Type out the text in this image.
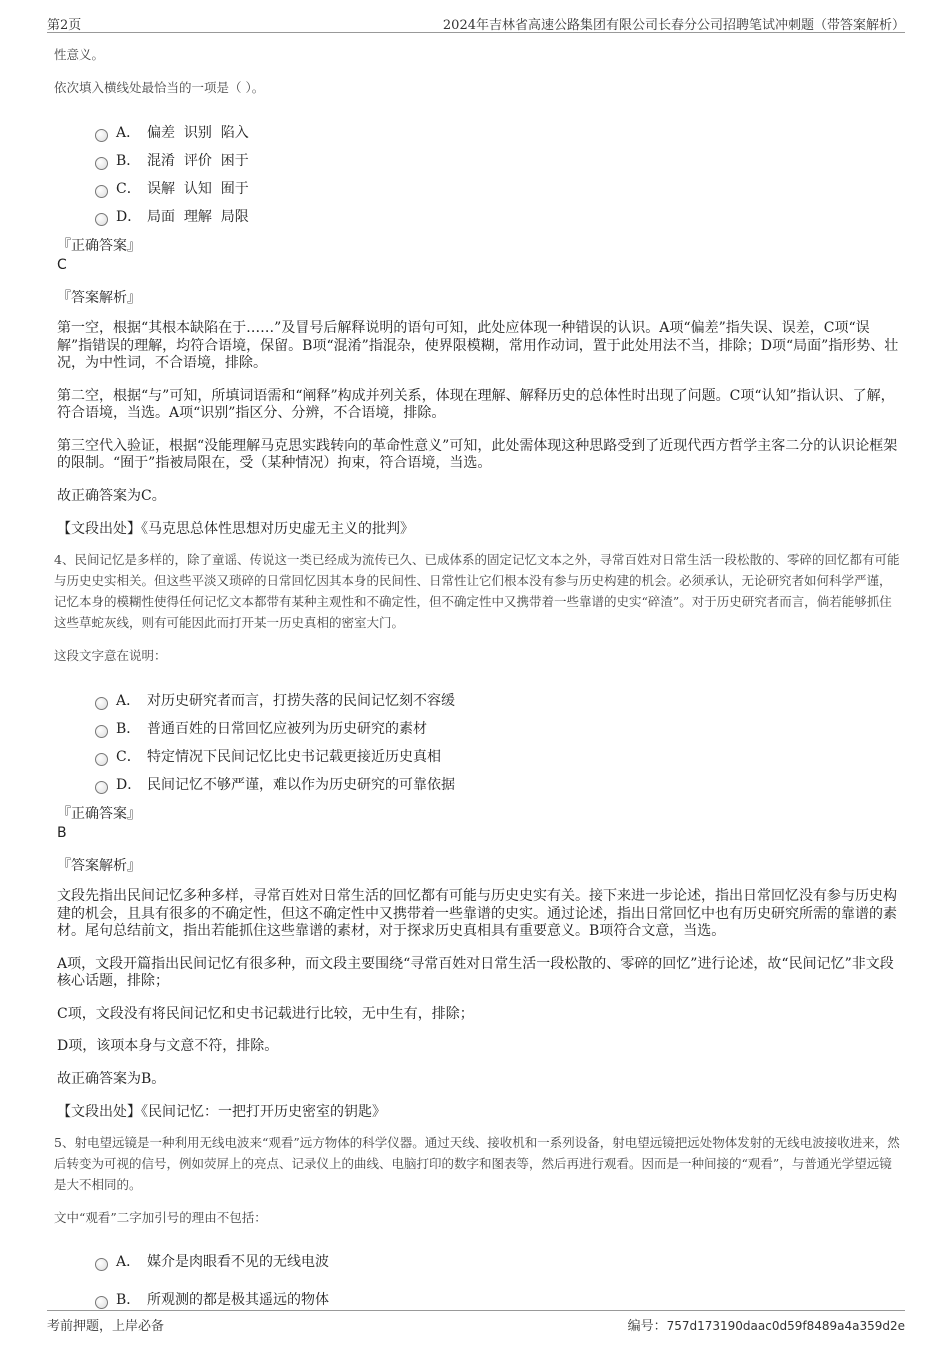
第2页	2024年吉林省高速公路集团有限公司长春分公司招聘笔试冲刺题（带答案解析）

性意义。

依次填入横线处最恰当的一项是（ ）。

A． 偏差  识别  陷入
B． 混淆  评价  困于
C． 误解  认知  囿于
D． 局面  理解  局限

『正确答案』

C

『答案解析』

第一空，根据“其根本缺陷在于……”及冒号后解释说明的语句可知，此处应体现一种错误的认识。A项“偏差”指失误、误差，C项“误解”指错误的理解，均符合语境，保留。B项“混淆”指混杂，使界限模糊，常用作动词，置于此处用法不当，排除；D项“局面”指形势、壮况，为中性词，不合语境，排除。

第二空，根据“与”可知，所填词语需和“阐释”构成并列关系，体现在理解、解释历史的总体性时出现了问题。C项“认知”指认识、了解，符合语境，当选。A项“识别”指区分、分辨，不合语境，排除。

第三空代入验证，根据“没能理解马克思实践转向的革命性意义”可知，此处需体现这种思路受到了近现代西方哲学主客二分的认识论框架的限制。“囿于”指被局限在，受（某种情况）拘束，符合语境，当选。

故正确答案为C。

【文段出处】《马克思总体性思想对历史虚无主义的批判》

4、民间记忆是多样的，除了童谣、传说这一类已经成为流传已久、已成体系的固定记忆文本之外，寻常百姓对日常生活一段松散的、零碎的回忆都有可能与历史史实相关。但这些平淡又琐碎的日常回忆因其本身的民间性、日常性让它们根本没有参与历史构建的机会。必须承认，无论研究者如何科学严谨，记忆本身的模糊性使得任何记忆文本都带有某种主观性和不确定性，但不确定性中又携带着一些靠谱的史实“碎渣”。对于历史研究者而言，倘若能够抓住这些草蛇灰线，则有可能因此而打开某一历史真相的密室大门。

这段文字意在说明：

A． 对历史研究者而言，打捞失落的民间记忆刻不容缓
B． 普通百姓的日常回忆应被列为历史研究的素材
C． 特定情况下民间记忆比史书记载更接近历史真相
D． 民间记忆不够严谨，难以作为历史研究的可靠依据

『正确答案』

B

『答案解析』

文段先指出民间记忆多种多样，寻常百姓对日常生活的回忆都有可能与历史史实有关。接下来进一步论述，指出日常回忆没有参与历史构建的机会，且具有很多的不确定性，但这不确定性中又携带着一些靠谱的史实。通过论述，指出日常回忆中也有历史研究所需的靠谱的素材。尾句总结前文，指出若能抓住这些靠谱的素材，对于探求历史真相具有重要意义。B项符合文意，当选。

A项，文段开篇指出民间记忆有很多种，而文段主要围绕“寻常百姓对日常生活一段松散的、零碎的回忆”进行论述，故“民间记忆”非文段核心话题，排除；

C项，文段没有将民间记忆和史书记载进行比较，无中生有，排除；

D项，该项本身与文意不符，排除。

故正确答案为B。

【文段出处】《民间记忆：一把打开历史密室的钥匙》

5、射电望远镜是一种利用无线电波来“观看”远方物体的科学仪器。通过天线、接收机和一系列设备，射电望远镜把远处物体发射的无线电波接收进来，然后转变为可视的信号，例如荧屏上的亮点、记录仪上的曲线、电脑打印的数字和图表等，然后再进行观看。因而是一种间接的“观看”，与普通光学望远镜是大不相同的。

文中“观看”二字加引号的理由不包括：

A． 媒介是肉眼看不见的无线电波
B． 所观测的都是极其遥远的物体
考前押题，上岸必备	编号：757d173190daac0d59f8489a4a359d2e
